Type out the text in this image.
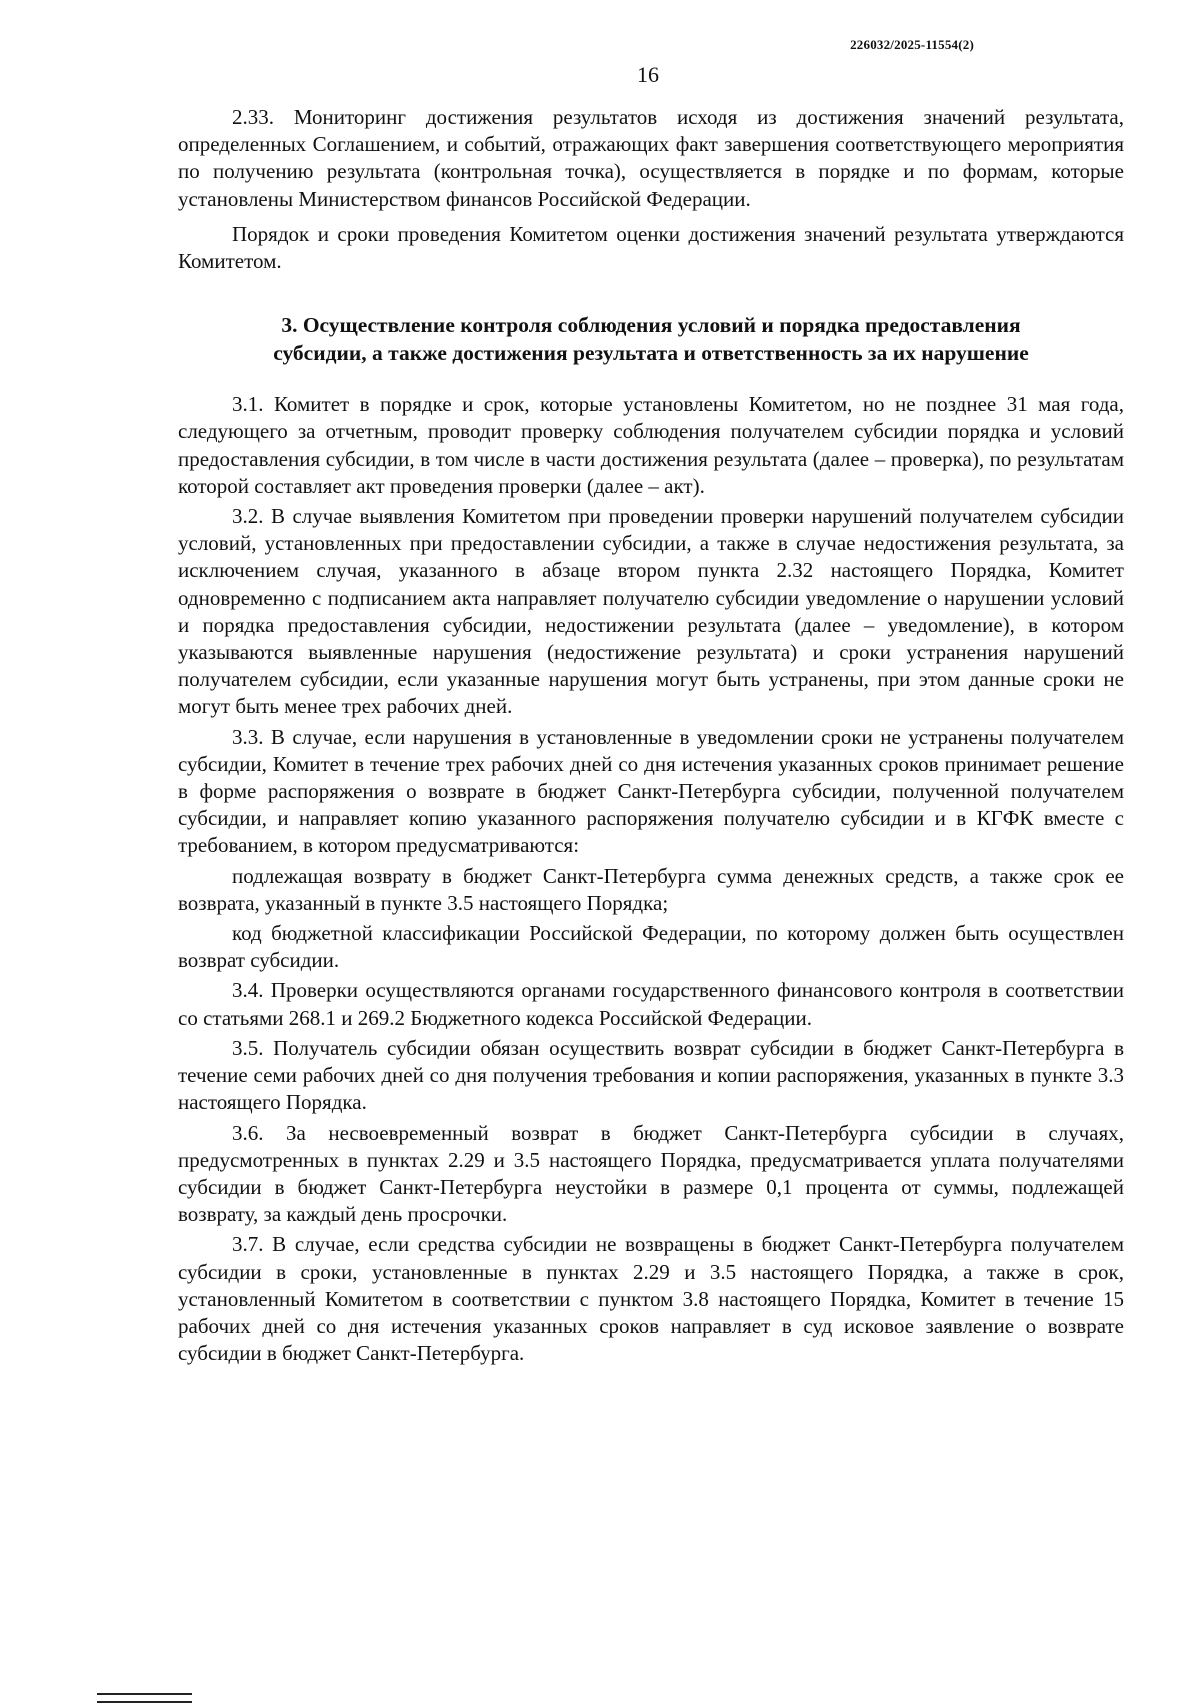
226032/2025-11554(2)
16

2.33. Мониторинг достижения результатов исходя из достижения значений результата, определенных Соглашением, и событий, отражающих факт завершения соответствующего мероприятия по получению результата (контрольная точка), осуществляется в порядке и по формам, которые установлены Министерством финансов Российской Федерации.

Порядок и сроки проведения Комитетом оценки достижения значений результата утверждаются Комитетом.

3. Осуществление контроля соблюдения условий и порядка предоставления
субсидии, а также достижения результата и ответственность за их нарушение

3.1. Комитет в порядке и срок, которые установлены Комитетом, но не позднее 31 мая года, следующего за отчетным, проводит проверку соблюдения получателем субсидии порядка и условий предоставления субсидии, в том числе в части достижения результата (далее – проверка), по результатам которой составляет акт проведения проверки (далее – акт).

3.2. В случае выявления Комитетом при проведении проверки нарушений получателем субсидии условий, установленных при предоставлении субсидии, а также в случае недостижения результата, за исключением случая, указанного в абзаце втором пункта 2.32 настоящего Порядка, Комитет одновременно с подписанием акта направляет получателю субсидии уведомление о нарушении условий и порядка предоставления субсидии, недостижении результата (далее – уведомление), в котором указываются выявленные нарушения (недостижение результата) и сроки устранения нарушений получателем субсидии, если указанные нарушения могут быть устранены, при этом данные сроки не могут быть менее трех рабочих дней.

3.3. В случае, если нарушения в установленные в уведомлении сроки не устранены получателем субсидии, Комитет в течение трех рабочих дней со дня истечения указанных сроков принимает решение в форме распоряжения о возврате в бюджет Санкт-Петербурга субсидии, полученной получателем субсидии, и направляет копию указанного распоряжения получателю субсидии и в КГФК вместе с требованием, в котором предусматриваются:

подлежащая возврату в бюджет Санкт-Петербурга сумма денежных средств, а также срок ее возврата, указанный в пункте 3.5 настоящего Порядка;

код бюджетной классификации Российской Федерации, по которому должен быть осуществлен возврат субсидии.

3.4. Проверки осуществляются органами государственного финансового контроля в соответствии со статьями 268.1 и 269.2 Бюджетного кодекса Российской Федерации.

3.5. Получатель субсидии обязан осуществить возврат субсидии в бюджет Санкт-Петербурга в течение семи рабочих дней со дня получения требования и копии распоряжения, указанных в пункте 3.3 настоящего Порядка.

3.6. За несвоевременный возврат в бюджет Санкт-Петербурга субсидии в случаях, предусмотренных в пунктах 2.29 и 3.5 настоящего Порядка, предусматривается уплата получателями субсидии в бюджет Санкт-Петербурга неустойки в размере 0,1 процента от суммы, подлежащей возврату, за каждый день просрочки.

3.7. В случае, если средства субсидии не возвращены в бюджет Санкт-Петербурга получателем субсидии в сроки, установленные в пунктах 2.29 и 3.5 настоящего Порядка, а также в срок, установленный Комитетом в соответствии с пунктом 3.8 настоящего Порядка, Комитет в течение 15 рабочих дней со дня истечения указанных сроков направляет в суд исковое заявление о возврате субсидии в бюджет Санкт-Петербурга.
